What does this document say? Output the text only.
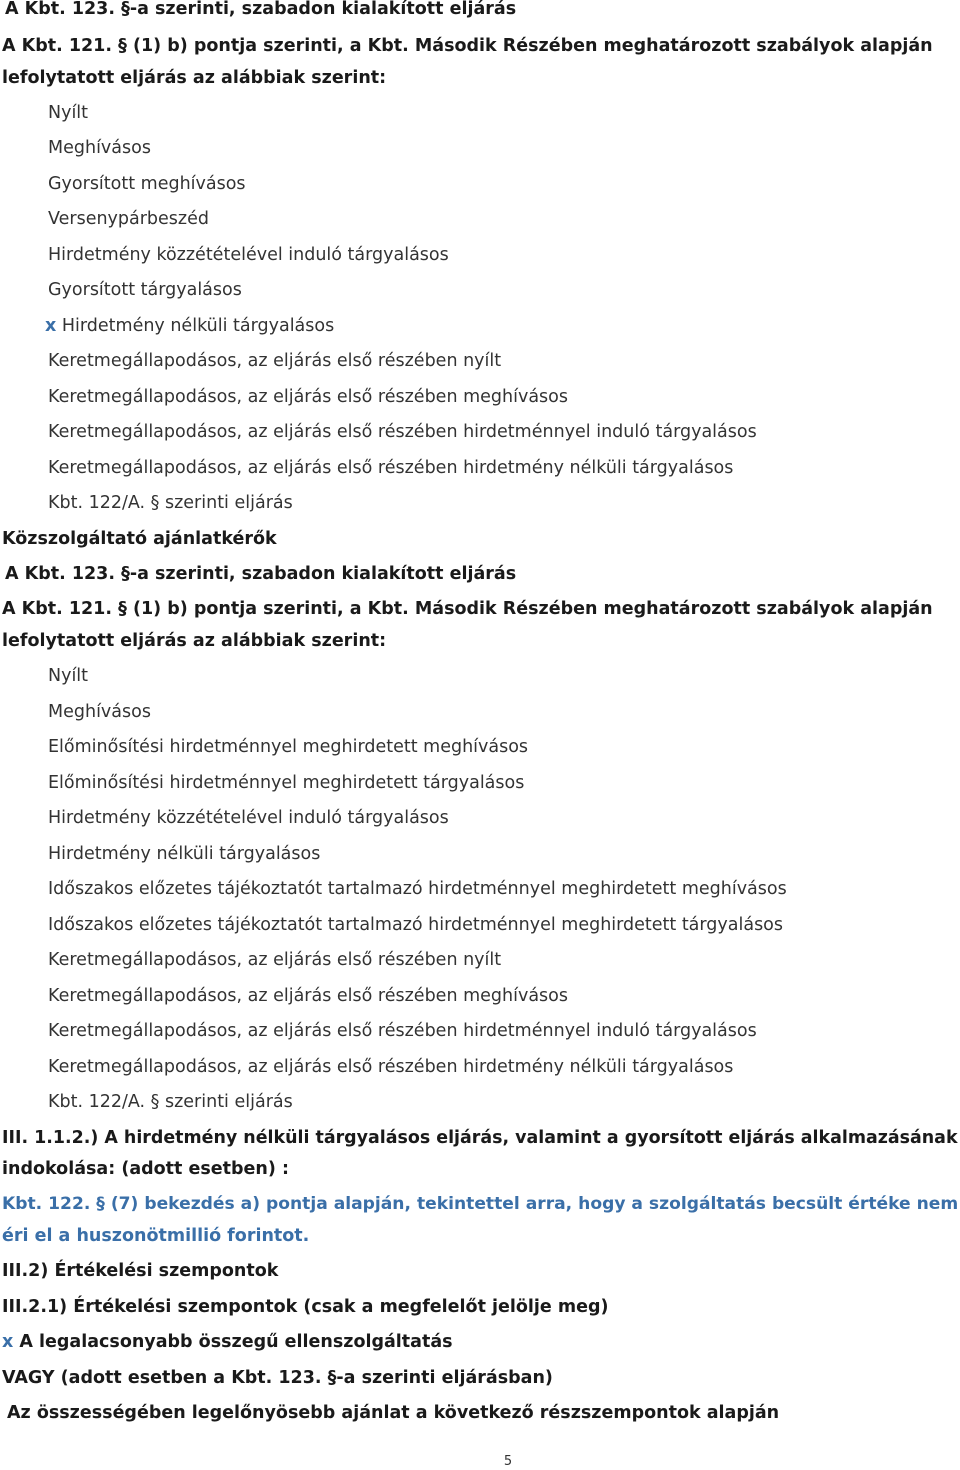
A Kbt. 123. §-a szerinti, szabadon kialakított eljárás
A Kbt. 121. § (1) b) pontja szerinti, a Kbt. Második Részében meghatározott szabályok alapján
lefolytatott eljárás az alábbiak szerint:
Nyílt
Meghívásos
Gyorsított meghívásos
Versenypárbeszéd
Hirdetmény közzétételével induló tárgyalásos
Gyorsított tárgyalásos
x Hirdetmény nélküli tárgyalásos
Keretmegállapodásos, az eljárás első részében nyílt
Keretmegállapodásos, az eljárás első részében meghívásos
Keretmegállapodásos, az eljárás első részében hirdetménnyel induló tárgyalásos
Keretmegállapodásos, az eljárás első részében hirdetmény nélküli tárgyalásos
Kbt. 122/A. § szerinti eljárás
Közszolgáltató ajánlatkérők
A Kbt. 123. §-a szerinti, szabadon kialakított eljárás
A Kbt. 121. § (1) b) pontja szerinti, a Kbt. Második Részében meghatározott szabályok alapján
lefolytatott eljárás az alábbiak szerint:
Nyílt
Meghívásos
Előminősítési hirdetménnyel meghirdetett meghívásos
Előminősítési hirdetménnyel meghirdetett tárgyalásos
Hirdetmény közzétételével induló tárgyalásos
Hirdetmény nélküli tárgyalásos
Időszakos előzetes tájékoztatót tartalmazó hirdetménnyel meghirdetett meghívásos
Időszakos előzetes tájékoztatót tartalmazó hirdetménnyel meghirdetett tárgyalásos
Keretmegállapodásos, az eljárás első részében nyílt
Keretmegállapodásos, az eljárás első részében meghívásos
Keretmegállapodásos, az eljárás első részében hirdetménnyel induló tárgyalásos
Keretmegállapodásos, az eljárás első részében hirdetmény nélküli tárgyalásos
Kbt. 122/A. § szerinti eljárás
III. 1.1.2.) A hirdetmény nélküli tárgyalásos eljárás, valamint a gyorsított eljárás alkalmazásának
indokolása: (adott esetben) :
Kbt. 122. § (7) bekezdés a) pontja alapján, tekintettel arra, hogy a szolgáltatás becsült értéke nem
éri el a huszonötmillió forintot.
III.2) Értékelési szempontok
III.2.1) Értékelési szempontok (csak a megfelelőt jelölje meg)
x A legalacsonyabb összegű ellenszolgáltatás
VAGY (adott esetben a Kbt. 123. §-a szerinti eljárásban)
Az összességében legelőnyösebb ajánlat a következő részszempontok alapján
5
